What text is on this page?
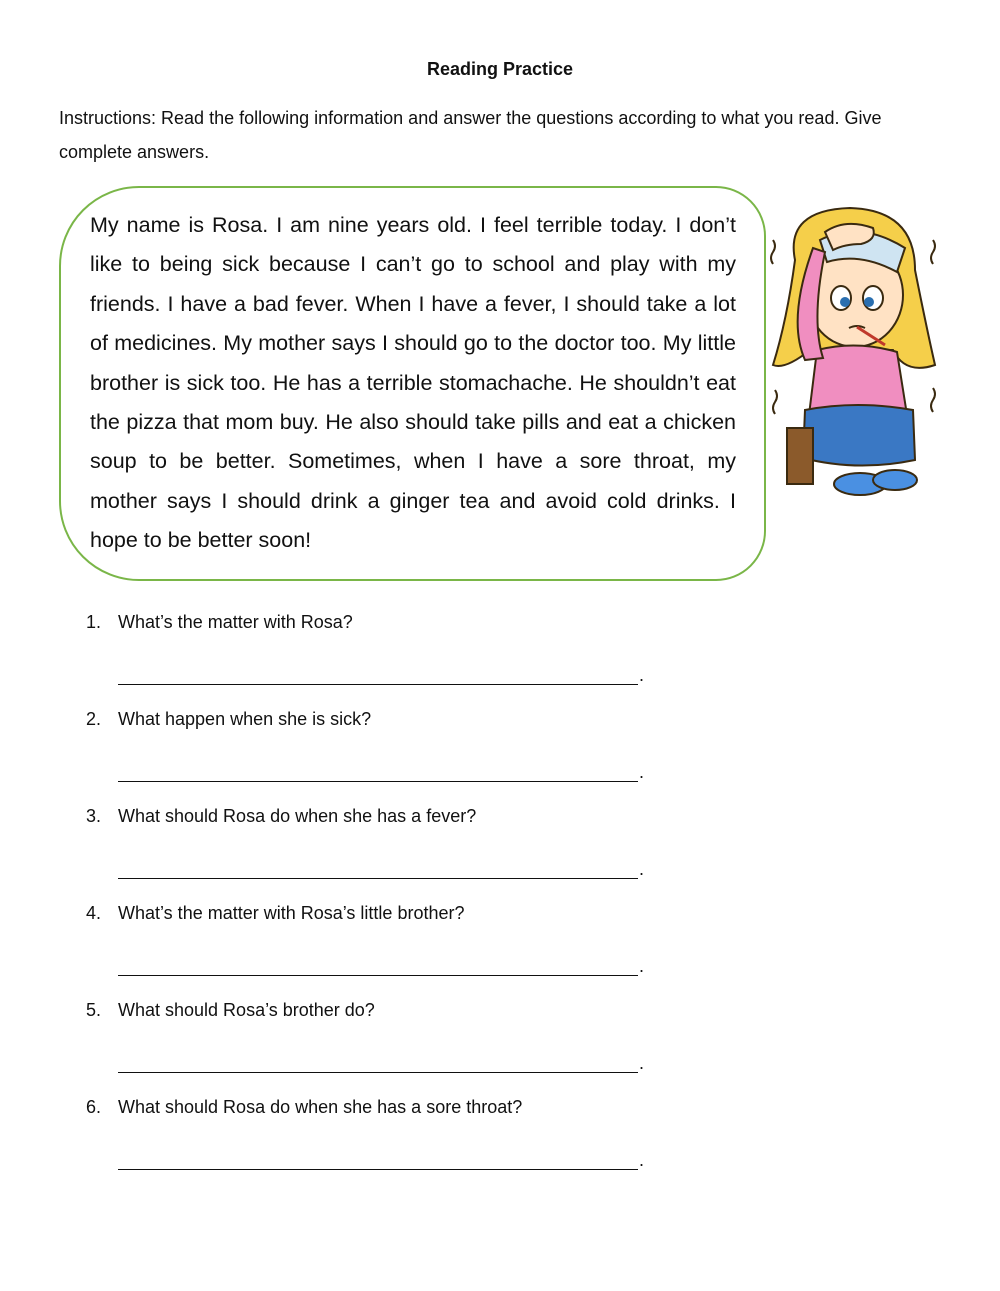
Reading Practice
Instructions: Read the following information and answer the questions according to what you read. Give complete answers.
My name is Rosa. I am nine years old. I feel terrible today. I don’t like to being sick because I can’t go to school and play with my friends. I have a bad fever. When I have a fever, I should take a lot of medicines. My mother says I should go to the doctor too. My little brother is sick too. He has a terrible stomachache. He shouldn’t eat the pizza that mom buy. He also should take pills and eat a chicken soup to be better. Sometimes, when I have a sore throat, my mother says I should drink a ginger tea and avoid cold drinks. I hope to be better soon!
1. What’s the matter with Rosa?
.
2. What happen when she is sick?
.
3. What should Rosa do when she has a fever?
.
4. What’s the matter with Rosa’s little brother?
.
5. What should Rosa’s brother do?
.
6. What should Rosa do when she has a sore throat?
.
